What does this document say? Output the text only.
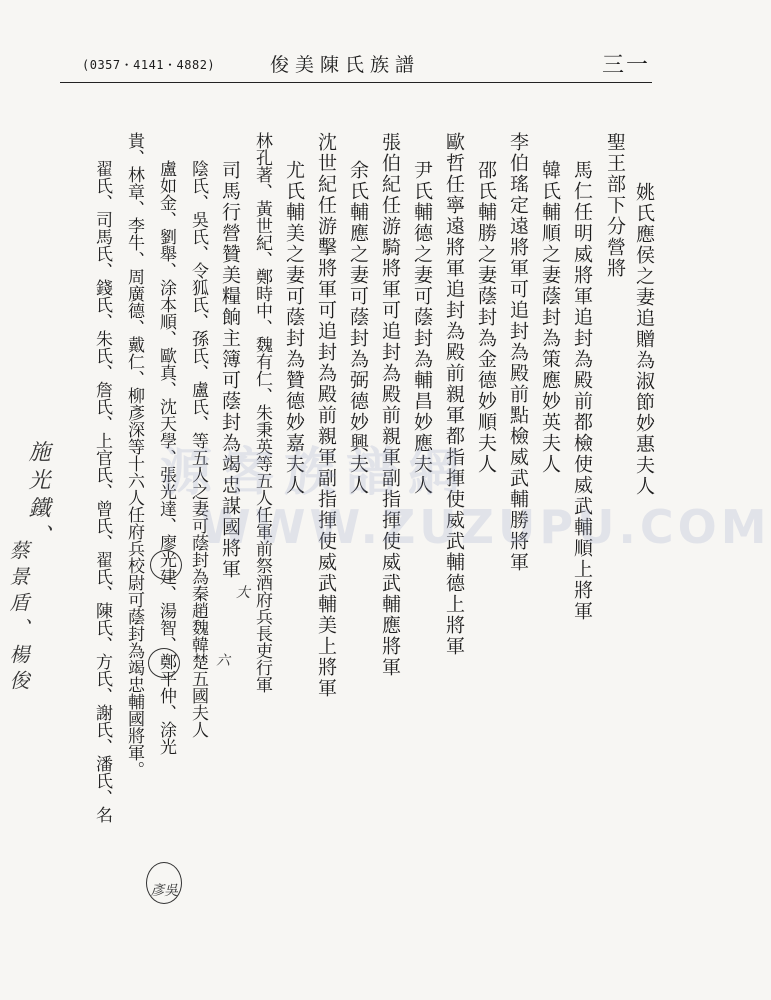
(0357・4141・4882)	俊美陳氏族譜	三一
姚氏應侯之妻追贈為淑節妙惠夫人
聖王部下分營將
馬仁任明威將軍追封為殿前都檢使威武輔順上將軍
韓氏輔順之妻蔭封為策應妙英夫人
李伯瑤定遠將軍可追封為殿前點檢威武輔勝將軍
邵氏輔勝之妻蔭封為金德妙順夫人
歐哲任寧遠將軍追封為殿前親軍都指揮使威武輔德上將軍
尹氏輔德之妻可蔭封為輔昌妙應夫人
張伯紀任游騎將軍可追封為殿前親軍副指揮使威武輔應將軍
余氏輔應之妻可蔭封為弼德妙興夫人
沈世紀任游擊將軍可追封為殿前親軍副指揮使威武輔美上將軍
尤氏輔美之妻可蔭封為贊德妙嘉夫人
林孔著、黃世紀、鄭時中、魏有仁、朱秉英等五人任軍前祭酒府兵長吏行軍
司馬行營贊美糧餉主簿可蔭封為竭忠謀國將軍
陰氏、吳氏、令狐氏、孫氏、盧氏、等五人之妻可蔭封為秦趙魏韓楚五國夫人
盧如金、劉舉、涂本順、歐真、沈天學、張光達、廖光建、湯智、鄭平仲、涂光
貴、林章、李牛、周廣德、戴仁、柳彥深等十六人任府兵校尉可蔭封為竭忠輔國將軍。
翟氏、司馬氏、錢氏、朱氏、詹氏、上官氏、曾氏、翟氏、陳氏、方氏、謝氏、潘氏、名 源客族譜網
WWW.ZUZUPU.COM
施光鐵、
蔡景盾、楊俊	大
六
彥吳
